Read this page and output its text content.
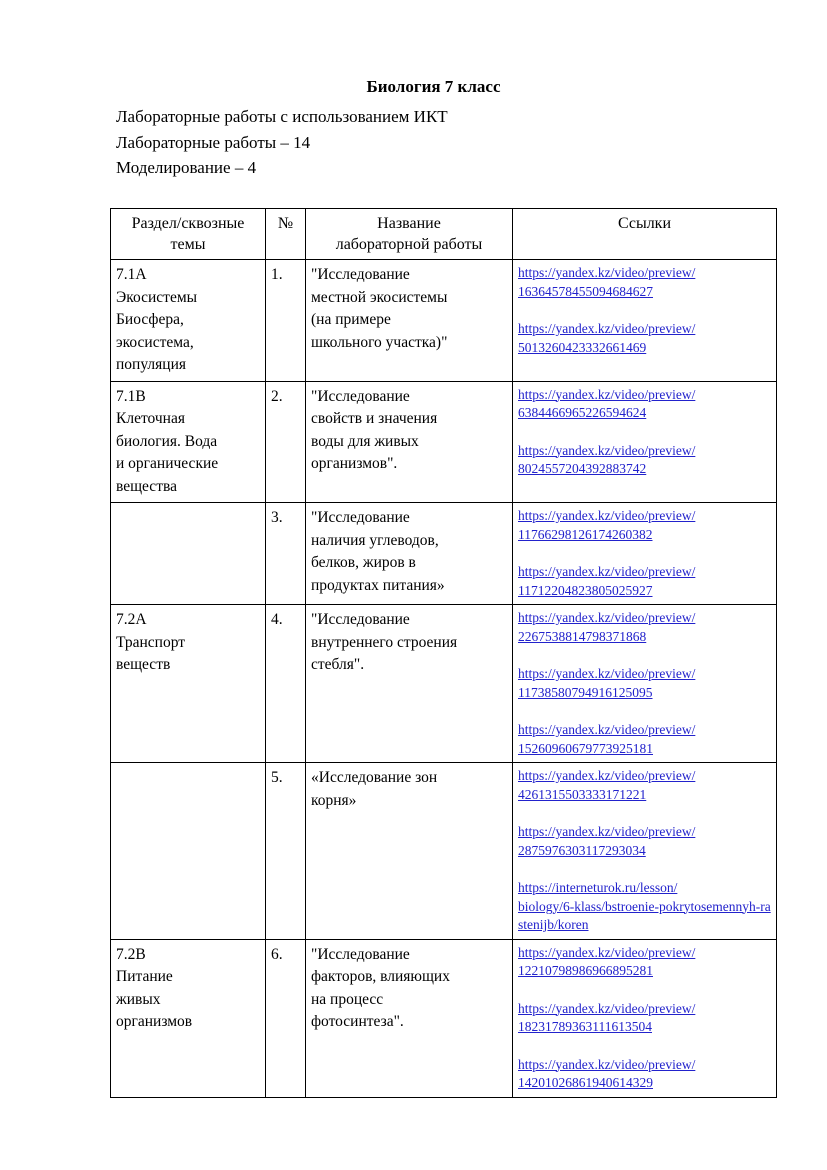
Биология 7 класс

Лабораторные работы с использованием ИКТ

Лабораторные работы – 14

Моделирование – 4

Раздел/сквозные
темы	№	Название
лабораторной работы	Ссылки

7.1А
Экосистемы
Биосфера,
экосистема,
популяция	1.	"Исследование
местной экосистемы
(на примере
школьного участка)"	https://yandex.kz/video/preview/
16364578455094684627
https://yandex.kz/video/preview/
5013260423332661469

7.1В
Клеточная
биология. Вода
и органические
вещества	2.	"Исследование
свойств и значения
воды для живых
организмов".	https://yandex.kz/video/preview/
6384466965226594624
https://yandex.kz/video/preview/
8024557204392883742

	3.	"Исследование
наличия углеводов,
белков, жиров в
продуктах питания»	https://yandex.kz/video/preview/
11766298126174260382
https://yandex.kz/video/preview/
11712204823805025927

7.2А
Транспорт
веществ
	4.	"Исследование
внутреннего строения
стебля".

https://yandex.kz/video/preview/
2267538814798371868
https://yandex.kz/video/preview/
11738580794916125095
https://yandex.kz/video/preview/
15260960679773925181

	5.	«Исследование зон
корня»

https://yandex.kz/video/preview/
4261315503333171221
https://yandex.kz/video/preview/
2875976303117293034
https://interneturok.ru/lesson/
biology/6-klass/bstroenie-pokrytosemennyh-rastenijb/koren

7.2В
Питание
живых
организмов
	6.	"Исследование
факторов, влияющих
на процесс
фотосинтеза".

https://yandex.kz/video/preview/
12210798986966895281
https://yandex.kz/video/preview/
18231789363111613504
https://yandex.kz/video/preview/
14201026861940614329
